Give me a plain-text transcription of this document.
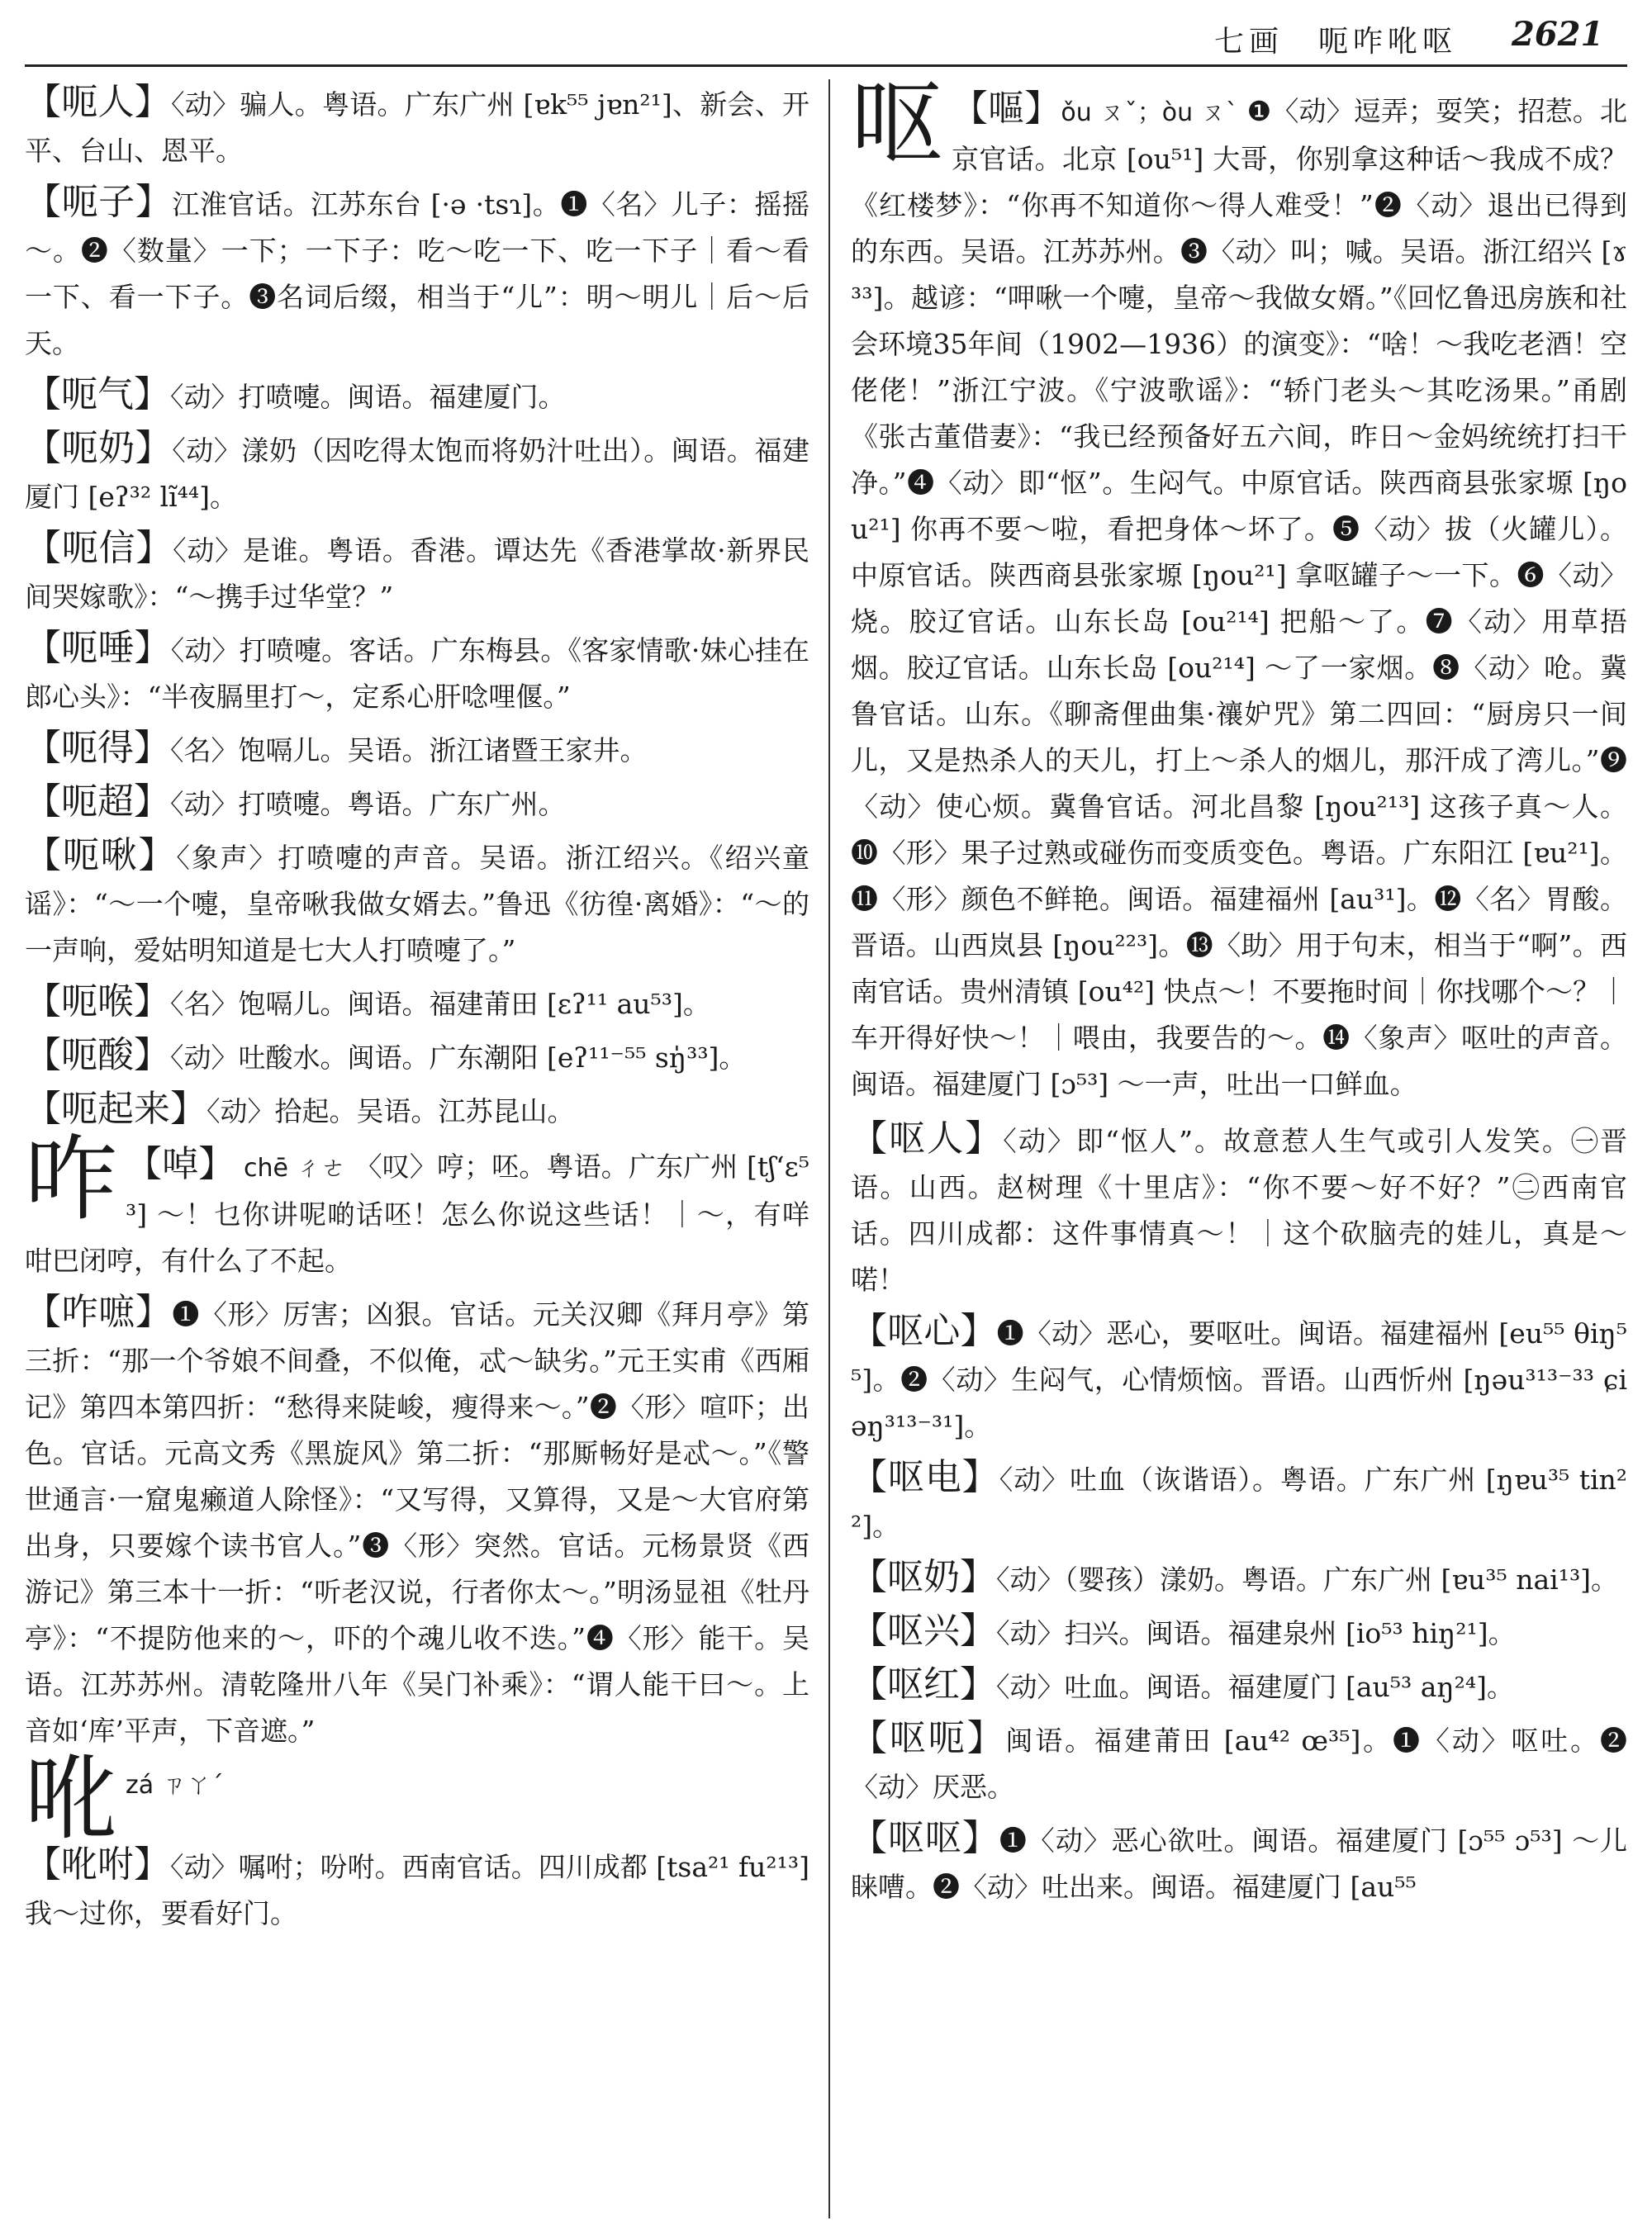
七画　呃咋吪呕 2621

【呃人】〈动〉骗人。粤语。广东广州 [ɐk⁵⁵ jɐn²¹]、新会、开平、台山、恩平。

【呃子】江淮官话。江苏东台 [·ə ·tsɿ]。❶〈名〉儿子：摇摇～。❷〈数量〉一下；一下子：吃～吃一下、吃一下子｜看～看一下、看一下子。❸名词后缀，相当于“儿”：明～明儿｜后～后天。

【呃气】〈动〉打喷嚏。闽语。福建厦门。

【呃奶】〈动〉漾奶（因吃得太饱而将奶汁吐出）。闽语。福建厦门 [eʔ³² lĩ⁴⁴]。

【呃信】〈动〉是谁。粤语。香港。谭达先《香港掌故·新界民间哭嫁歌》：“～携手过华堂？”

【呃唾】〈动〉打喷嚏。客话。广东梅县。《客家情歌·妹心挂在郎心头》：“半夜膈里打～，定系心肝唸哩偃。”

【呃得】〈名〉饱嗝儿。吴语。浙江诸暨王家井。

【呃超】〈动〉打喷嚏。粤语。广东广州。

【呃啾】〈象声〉打喷嚏的声音。吴语。浙江绍兴。《绍兴童谣》：“～一个嚏，皇帝啾我做女婿去。”鲁迅《彷徨·离婚》：“～的一声响，爱姑明知道是七大人打喷嚏了。”

【呃喉】〈名〉饱嗝儿。闽语。福建莆田 [ɛʔ¹¹ au⁵³]。

【呃酸】〈动〉吐酸水。闽语。广东潮阳 [eʔ¹¹⁻⁵⁵ sŋ̍³³]。

【呃起来】〈动〉拾起。吴语。江苏昆山。

咋 【啅】 chē ㄔㄜ 〈叹〉哼；呸。粤语。广东广州 [tʃʻɛ⁵³] ～！乜你讲呢啲话呸！怎么你说这些话！｜～，有咩咁巴闭哼，有什么了不起。

【咋嗻】❶〈形〉厉害；凶狠。官话。元关汉卿《拜月亭》第三折：“那一个爷娘不间叠，不似俺，忒～缺劣。”元王实甫《西厢记》第四本第四折：“愁得来陡峻，瘦得来～。”❷〈形〉喧吓；出色。官话。元高文秀《黑旋风》第二折：“那厮畅好是忒～。”《警世通言·一窟鬼癞道人除怪》：“又写得，又算得，又是～大官府第出身，只要嫁个读书官人。”❸〈形〉突然。官话。元杨景贤《西游记》第三本十一折：“听老汉说，行者你太～。”明汤显祖《牡丹亭》：“不提防他来的～，吓的个魂儿收不迭。”❹〈形〉能干。吴语。江苏苏州。清乾隆卅八年《吴门补乘》：“谓人能干曰～。上音如‘库’平声，下音遮。”

吪zá ㄗㄚˊ

【吪咐】〈动〉嘱咐；吩咐。西南官话。四川成都 [tsa²¹ fu²¹³] 我～过你，要看好门。

呕 【嘔】ǒu ㄡˇ；òu ㄡˋ ❶〈动〉逗弄；耍笑；招惹。北京官话。北京 [ou⁵¹] 大哥，你别拿这种话～我成不成？《红楼梦》：“你再不知道你～得人难受！”❷〈动〉退出已得到的东西。吴语。江苏苏州。❸〈动〉叫；喊。吴语。浙江绍兴 [ɤ³³]。越谚：“呷啾一个嚏，皇帝～我做女婿。”《回忆鲁迅房族和社会环境35年间（1902—1936）的演变》：“啥！～我吃老酒！空佬佬！”浙江宁波。《宁波歌谣》：“轿门老头～其吃汤果。”甬剧《张古董借妻》：“我已经预备好五六间，昨日～金妈统统打扫干净。”❹〈动〉即“怄”。生闷气。中原官话。陕西商县张家塬 [ŋou²¹] 你再不要～啦，看把身体～坏了。❺〈动〉拔（火罐儿）。中原官话。陕西商县张家塬 [ŋou²¹] 拿呕罐子～一下。❻〈动〉烧。胶辽官话。山东长岛 [ou²¹⁴] 把船～了。❼〈动〉用草捂烟。胶辽官话。山东长岛 [ou²¹⁴] ～了一家烟。❽〈动〉呛。冀鲁官话。山东。《聊斋俚曲集·禳妒咒》第二四回：“厨房只一间儿，又是热杀人的天儿，打上～杀人的烟儿，那汗成了湾儿。”❾〈动〉使心烦。冀鲁官话。河北昌黎 [ŋou²¹³] 这孩子真～人。❿〈形〉果子过熟或碰伤而变质变色。粤语。广东阳江 [ɐu²¹]。⓫〈形〉颜色不鲜艳。闽语。福建福州 [au³¹]。⓬〈名〉胃酸。晋语。山西岚县 [ŋou²²³]。⓭〈助〉用于句末，相当于“啊”。西南官话。贵州清镇 [ou⁴²] 快点～！不要拖时间｜你找哪个～？｜车开得好快～！｜喂由，我要告的～。⓮〈象声〉呕吐的声音。闽语。福建厦门 [ɔ⁵³] ～一声，吐出一口鲜血。

【呕人】〈动〉即“怄人”。故意惹人生气或引人发笑。㊀晋语。山西。赵树理《十里店》：“你不要～好不好？”㊁西南官话。四川成都：这件事情真～！｜这个砍脑壳的娃儿，真是～喏！

【呕心】❶〈动〉恶心，要呕吐。闽语。福建福州 [eu⁵⁵ θiŋ⁵⁵]。❷〈动〉生闷气，心情烦恼。晋语。山西忻州 [ŋəu³¹³⁻³³ ɕiəŋ³¹³⁻³¹]。

【呕电】〈动〉吐血（诙谐语）。粤语。广东广州 [ŋɐu³⁵ tin²²]。

【呕奶】〈动〉（婴孩）漾奶。粤语。广东广州 [ɐu³⁵ nai¹³]。

【呕兴】〈动〉扫兴。闽语。福建泉州 [io⁵³ hiŋ²¹]。

【呕红】〈动〉吐血。闽语。福建厦门 [au⁵³ aŋ²⁴]。

【呕呃】闽语。福建莆田 [au⁴² œ³⁵]。❶〈动〉呕吐。❷〈动〉厌恶。

【呕呕】❶〈动〉恶心欲吐。闽语。福建厦门 [ɔ⁵⁵ ɔ⁵³] ～儿睐嘈。❷〈动〉吐出来。闽语。福建厦门 [au⁵⁵
